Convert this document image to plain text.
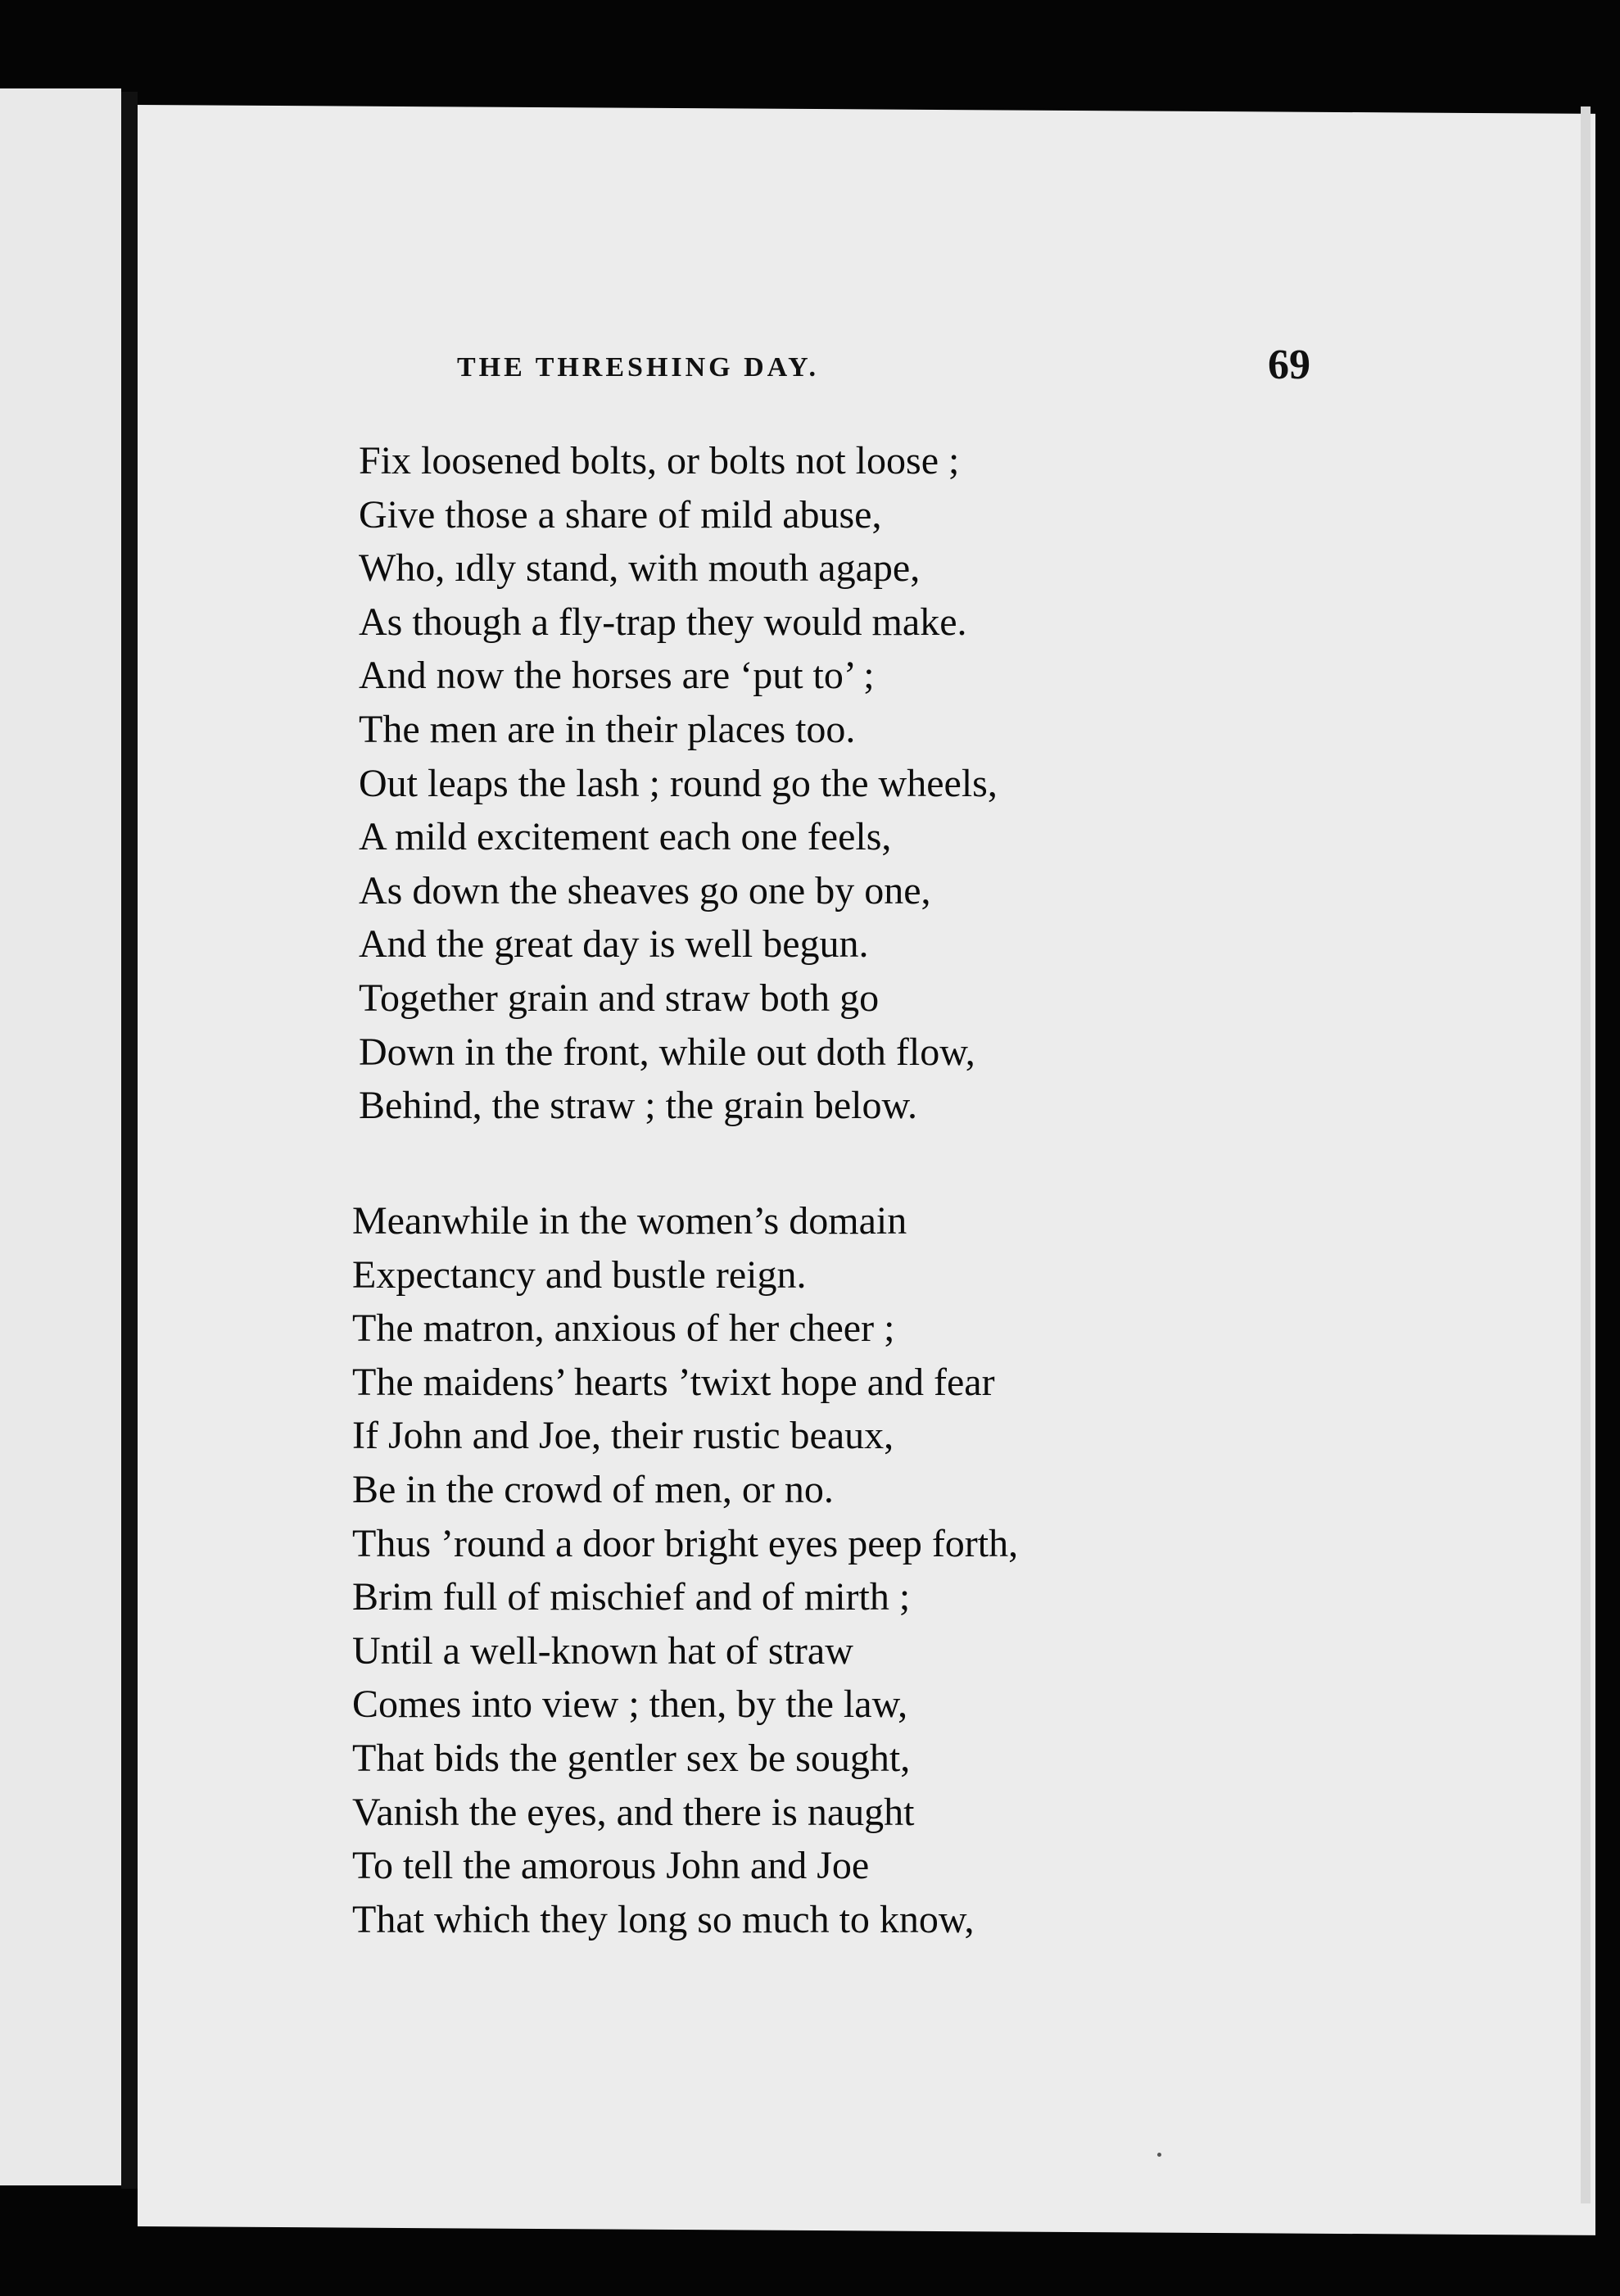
THE THRESHING DAY.	69
Fix loosened bolts, or bolts not loose ;
Give those a share of mild abuse,
Who, ıdly stand, with mouth agape,
As though a fly-trap they would make.
And now the horses are ‘put to’ ;
The men are in their places too.
Out leaps the lash ; round go the wheels,
A mild excitement each one feels,
As down the sheaves go one by one,
And the great day is well begun.
Together grain and straw both go
Down in the front, while out doth flow,
Behind, the straw ; the grain below.
Meanwhile in the women’s domain
Expectancy and bustle reign.
The matron, anxious of her cheer ;
The maidens’ hearts ’twixt hope and fear
If John and Joe, their rustic beaux,
Be in the crowd of men, or no.
Thus ’round a door bright eyes peep forth,
Brim full of mischief and of mirth ;
Until a well-known hat of straw
Comes into view ; then, by the law,
That bids the gentler sex be sought,
Vanish the eyes, and there is naught
To tell the amorous John and Joe
That which they long so much to know,
